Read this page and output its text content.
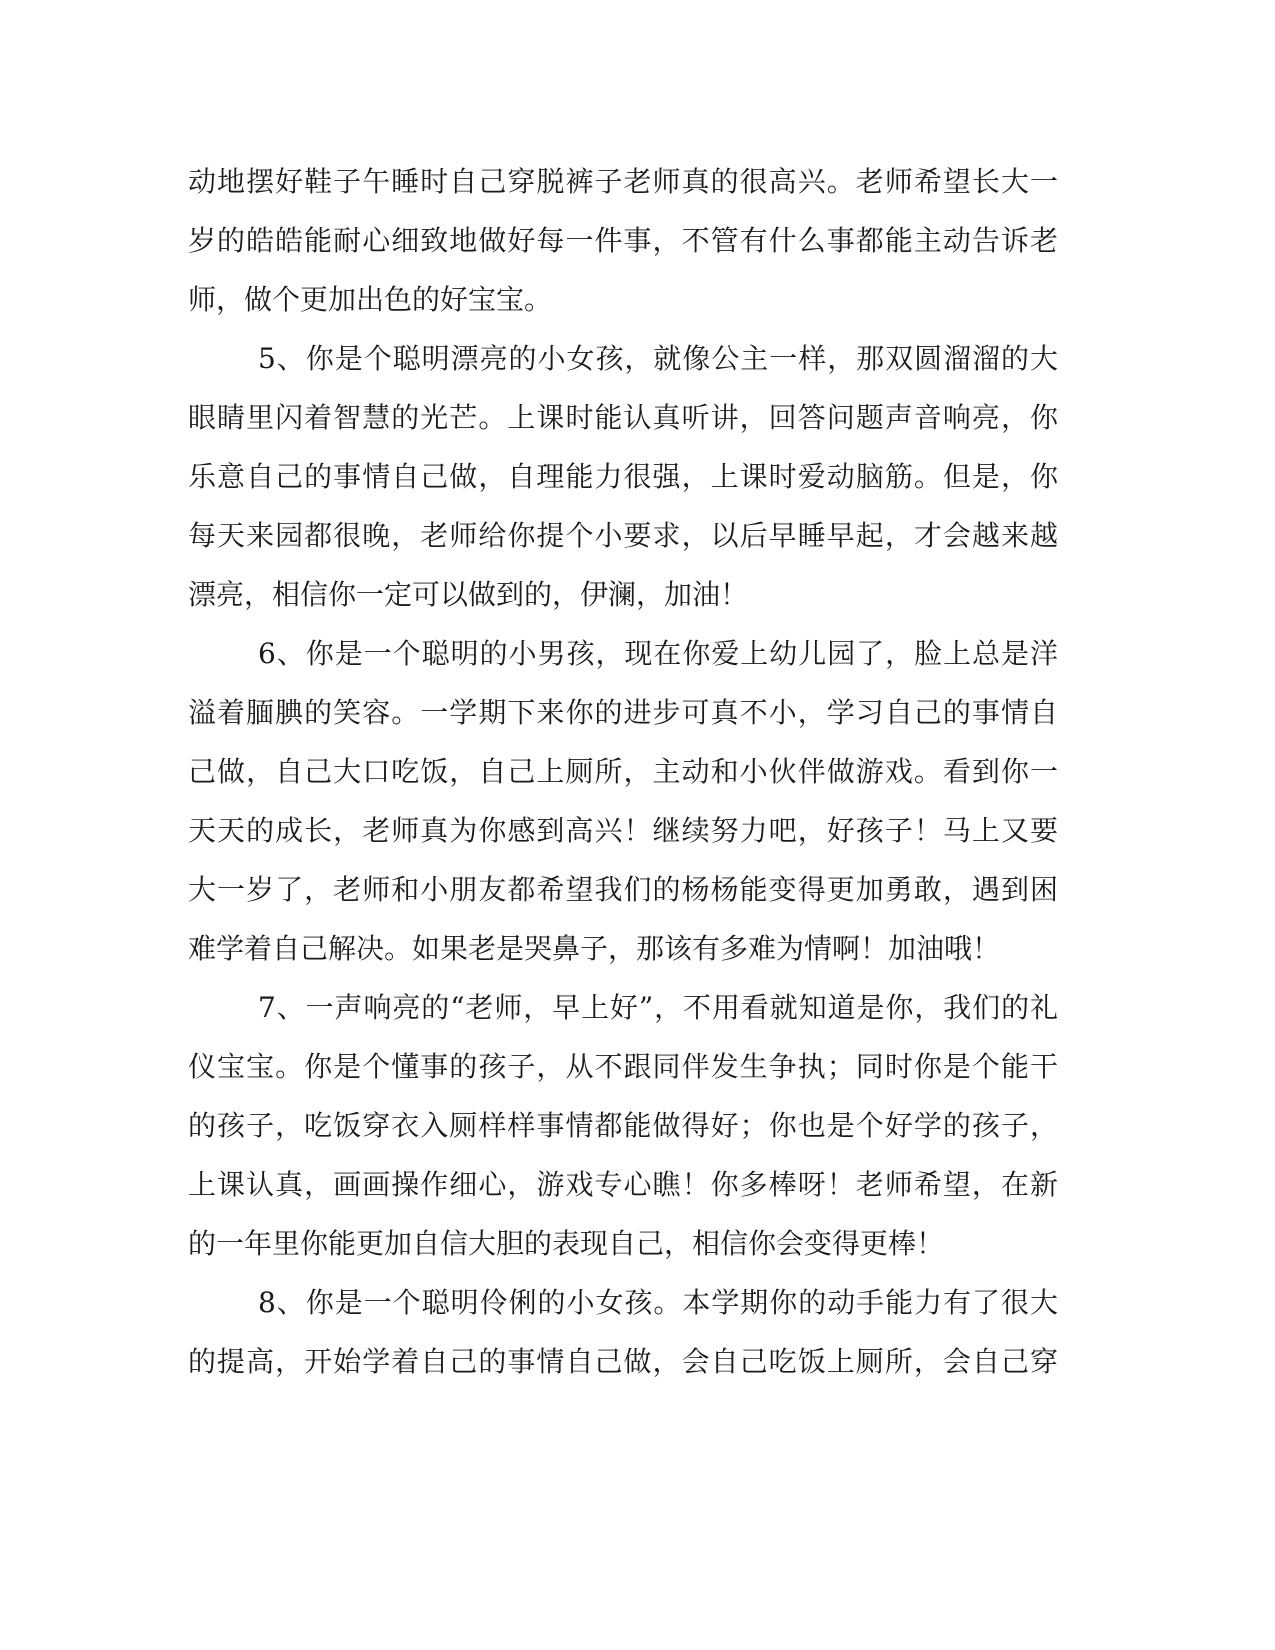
动地摆好鞋子午睡时自己穿脱裤子老师真的很高兴。老师希望长大一
岁的皓皓能耐心细致地做好每一件事，不管有什么事都能主动告诉老
师，做个更加出色的好宝宝。
5、你是个聪明漂亮的小女孩，就像公主一样，那双圆溜溜的大
眼睛里闪着智慧的光芒。上课时能认真听讲，回答问题声音响亮，你
乐意自己的事情自己做，自理能力很强，上课时爱动脑筋。但是，你
每天来园都很晚，老师给你提个小要求，以后早睡早起，才会越来越
漂亮，相信你一定可以做到的，伊澜，加油！
6、你是一个聪明的小男孩，现在你爱上幼儿园了，脸上总是洋
溢着腼腆的笑容。一学期下来你的进步可真不小，学习自己的事情自
己做，自己大口吃饭，自己上厕所，主动和小伙伴做游戏。看到你一
天天的成长，老师真为你感到高兴！继续努力吧，好孩子！马上又要
大一岁了，老师和小朋友都希望我们的杨杨能变得更加勇敢，遇到困
难学着自己解决。如果老是哭鼻子，那该有多难为情啊！加油哦！
7、一声响亮的“老师，早上好”，不用看就知道是你，我们的礼
仪宝宝。你是个懂事的孩子，从不跟同伴发生争执；同时你是个能干
的孩子，吃饭穿衣入厕样样事情都能做得好；你也是个好学的孩子，
上课认真，画画操作细心，游戏专心瞧！你多棒呀！老师希望，在新
的一年里你能更加自信大胆的表现自己，相信你会变得更棒！
8、你是一个聪明伶俐的小女孩。本学期你的动手能力有了很大
的提高，开始学着自己的事情自己做，会自己吃饭上厕所，会自己穿
